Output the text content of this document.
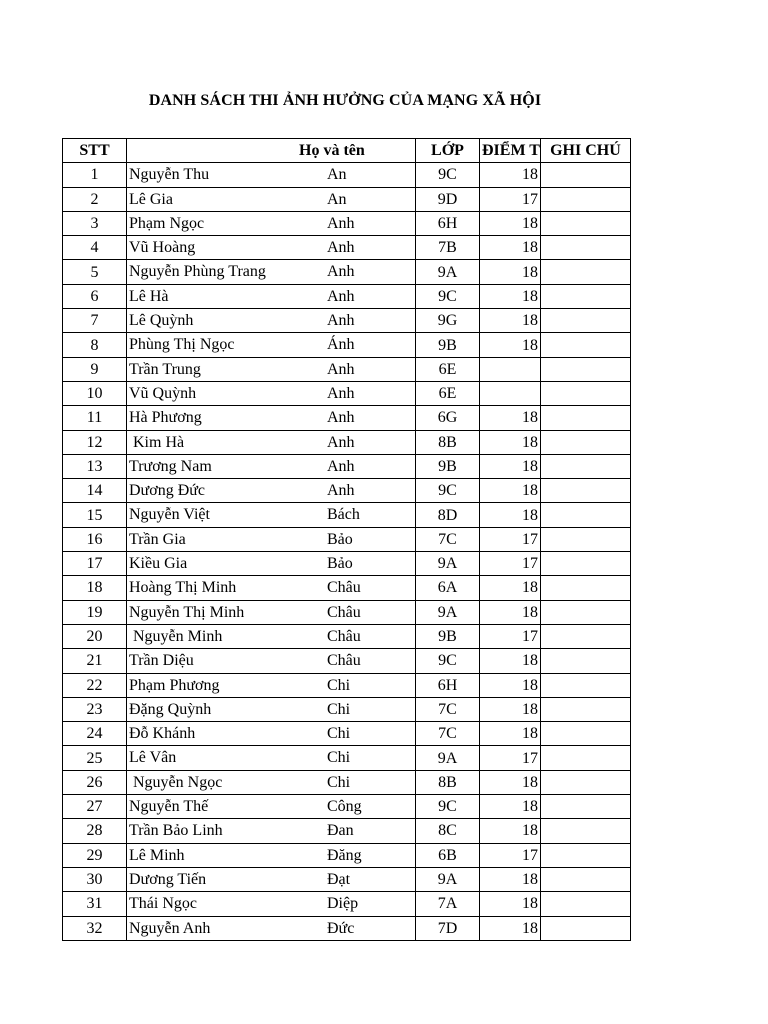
DANH SÁCH THI ẢNH HƯỞNG CỦA MẠNG XÃ HỘI
STT	Họ và tên	LỚP	ĐIỂM T	GHI CHÚ
1	Nguyễn Thu An	9C	18	
2	Lê Gia An	9D	17	
3	Phạm Ngọc Anh	6H	18	
4	Vũ Hoàng Anh	7B	18	
5	Nguyễn Phùng Trang Anh	9A	18	
6	Lê Hà Anh	9C	18	
7	Lê Quỳnh Anh	9G	18	
8	Phùng Thị Ngọc Ánh	9B	18	
9	Trần Trung Anh	6E		
10	Vũ Quỳnh Anh	6E		
11	Hà Phương Anh	6G	18	
12	Kim Hà Anh	8B	18	
13	Trương Nam Anh	9B	18	
14	Dương Đức Anh	9C	18	
15	Nguyễn Việt Bách	8D	18	
16	Trần Gia Bảo	7C	17	
17	Kiều Gia Bảo	9A	17	
18	Hoàng Thị Minh Châu	6A	18	
19	Nguyễn Thị Minh Châu	9A	18	
20	Nguyễn Minh Châu	9B	17	
21	Trần Diệu Châu	9C	18	
22	Phạm Phương Chi	6H	18	
23	Đặng Quỳnh Chi	7C	18	
24	Đỗ Khánh Chi	7C	18	
25	Lê Vân Chi	9A	17	
26	Nguyễn Ngọc Chi	8B	18	
27	Nguyễn Thế Công	9C	18	
28	Trần Bảo Linh Đan	8C	18	
29	Lê Minh Đăng	6B	17	
30	Dương Tiến Đạt	9A	18	
31	Thái Ngọc Diệp	7A	18	
32	Nguyễn Anh Đức	7D	18	
